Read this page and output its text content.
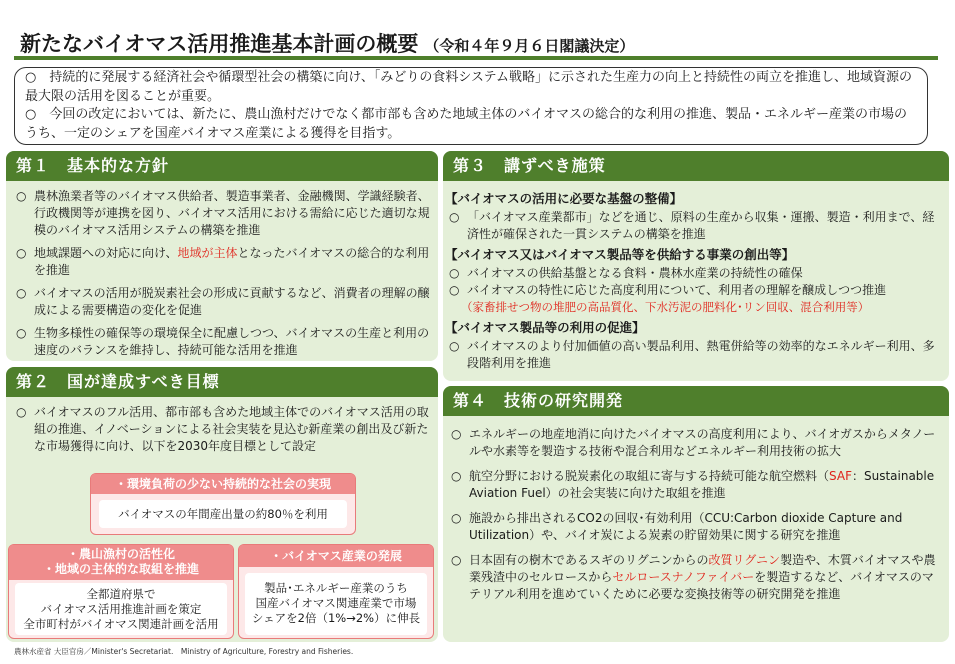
新たなバイオマス活用推進基本計画の概要 （令和４年９月６日閣議決定）

○　持続的に発展する経済社会や循環型社会の構築に向け、「みどりの食料システム戦略」に示された生産力の向上と持続性の両立を推進し、地域資源の最大限の活用を図ることが重要。

○　今回の改定においては、新たに、農山漁村だけでなく都市部も含めた地域主体のバイオマスの総合的な利用の推進、製品・エネルギー産業の市場のうち、一定のシェアを国産バイオマス産業による獲得を目指す。

第１　基本的な方針
○ 農林漁業者等のバイオマス供給者、製造事業者、金融機関、学識経験者、行政機関等が連携を図り、バイオマス活用における需給に応じた適切な規模のバイオマス活用システムの構築を推進
○ 地域課題への対応に向け、地域が主体となったバイオマスの総合的な利用を推進
○ バイオマスの活用が脱炭素社会の形成に貢献するなど、消費者の理解の醸成による需要構造の変化を促進
○ 生物多様性の確保等の環境保全に配慮しつつ、バイオマスの生産と利用の速度のバランスを維持し、持続可能な活用を推進
第２　国が達成すべき目標
○ バイオマスのフル活用、都市部も含めた地域主体でのバイオマス活用の取組の推進、イノベーションによる社会実装を見込む新産業の創出及び新たな市場獲得に向け、以下を2030年度目標として設定
・環境負荷の少ない持続的な社会の実現
バイオマスの年間産出量の約80％を利用
・農山漁村の活性化
・地域の主体的な取組を推進
全都道府県で
バイオマス活用推進計画を策定
全市町村がバイオマス関連計画を活用
・バイオマス産業の発展
製品･エネルギー産業のうち
国産バイオマス関連産業で市場
シェアを2倍（1%→2%）に伸長
第３　講ずべき施策
【バイオマスの活用に必要な基盤の整備】
○ 「バイオマス産業都市」などを通じ、原料の生産から収集・運搬、製造・利用まで、経済性が確保された一貫システムの構築を推進
【バイオマス又はバイオマス製品等を供給する事業の創出等】
○ バイオマスの供給基盤となる食料・農林水産業の持続性の確保
○ バイオマスの特性に応じた高度利用について、利用者の理解を醸成しつつ推進
（家畜排せつ物の堆肥の高品質化、下水汚泥の肥料化･リン回収、混合利用等）
【バイオマス製品等の利用の促進】
○ バイオマスのより付加価値の高い製品利用、熱電併給等の効率的なエネルギー利用、多段階利用を推進
第４　技術の研究開発
○ エネルギーの地産地消に向けたバイオマスの高度利用により、バイオガスからメタノールや水素等を製造する技術や混合利用などエネルギー利用技術の拡大
○ 航空分野における脱炭素化の取組に寄与する持続可能な航空燃料（SAF：Sustainable Aviation Fuel）の社会実装に向けた取組を推進
○ 施設から排出されるCO2の回収･有効利用（CCU:Carbon dioxide Capture and Utilization）や、バイオ炭による炭素の貯留効果に関する研究を推進
○ 日本固有の樹木であるスギのリグニンからの改質リグニン製造や、木質バイオマスや農業残渣中のセルロースからセルロースナノファイバーを製造するなど、バイオマスのマテリアル利用を進めていくために必要な変換技術等の研究開発を推進
農林水産省 大臣官房／Minister's Secretariat.　Ministry of Agriculture, Forestry and Fisheries.
